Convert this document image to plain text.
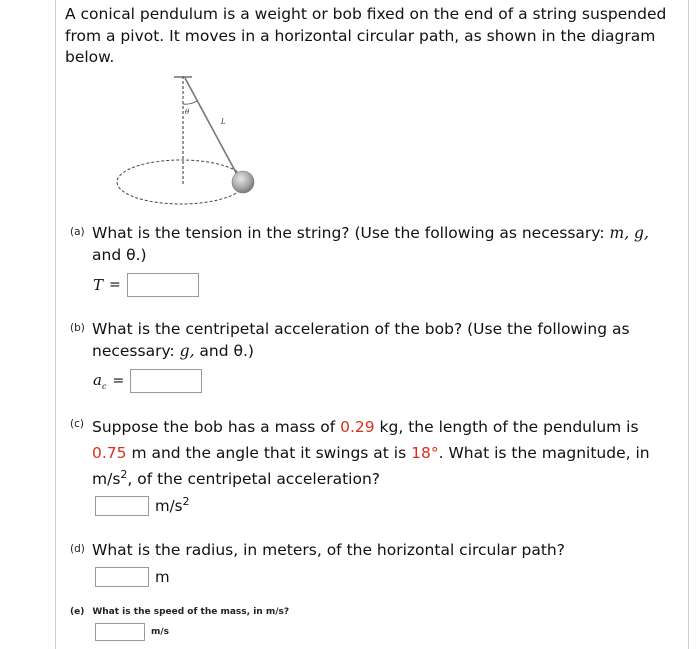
A conical pendulum is a weight or bob fixed on the end of a string suspended from a pivot. It moves in a horizontal circular path, as shown in the diagram below.

θ
L
(a) What is the tension in the string? (Use the following as necessary: m, g,
and θ.)
T =
(b) What is the centripetal acceleration of the bob? (Use the following as
necessary: g, and θ.)
$a_c$ =
(c) Suppose the bob has a mass of 0.29 kg, the length of the pendulum is
0.75 m and the angle that it swings at is 18°. What is the magnitude, in
$m/s^2$, of the centripetal acceleration?
$m/s^2$
(d) What is the radius, in meters, of the horizontal circular path?
m
(e) What is the speed of the mass, in m/s?
m/s
